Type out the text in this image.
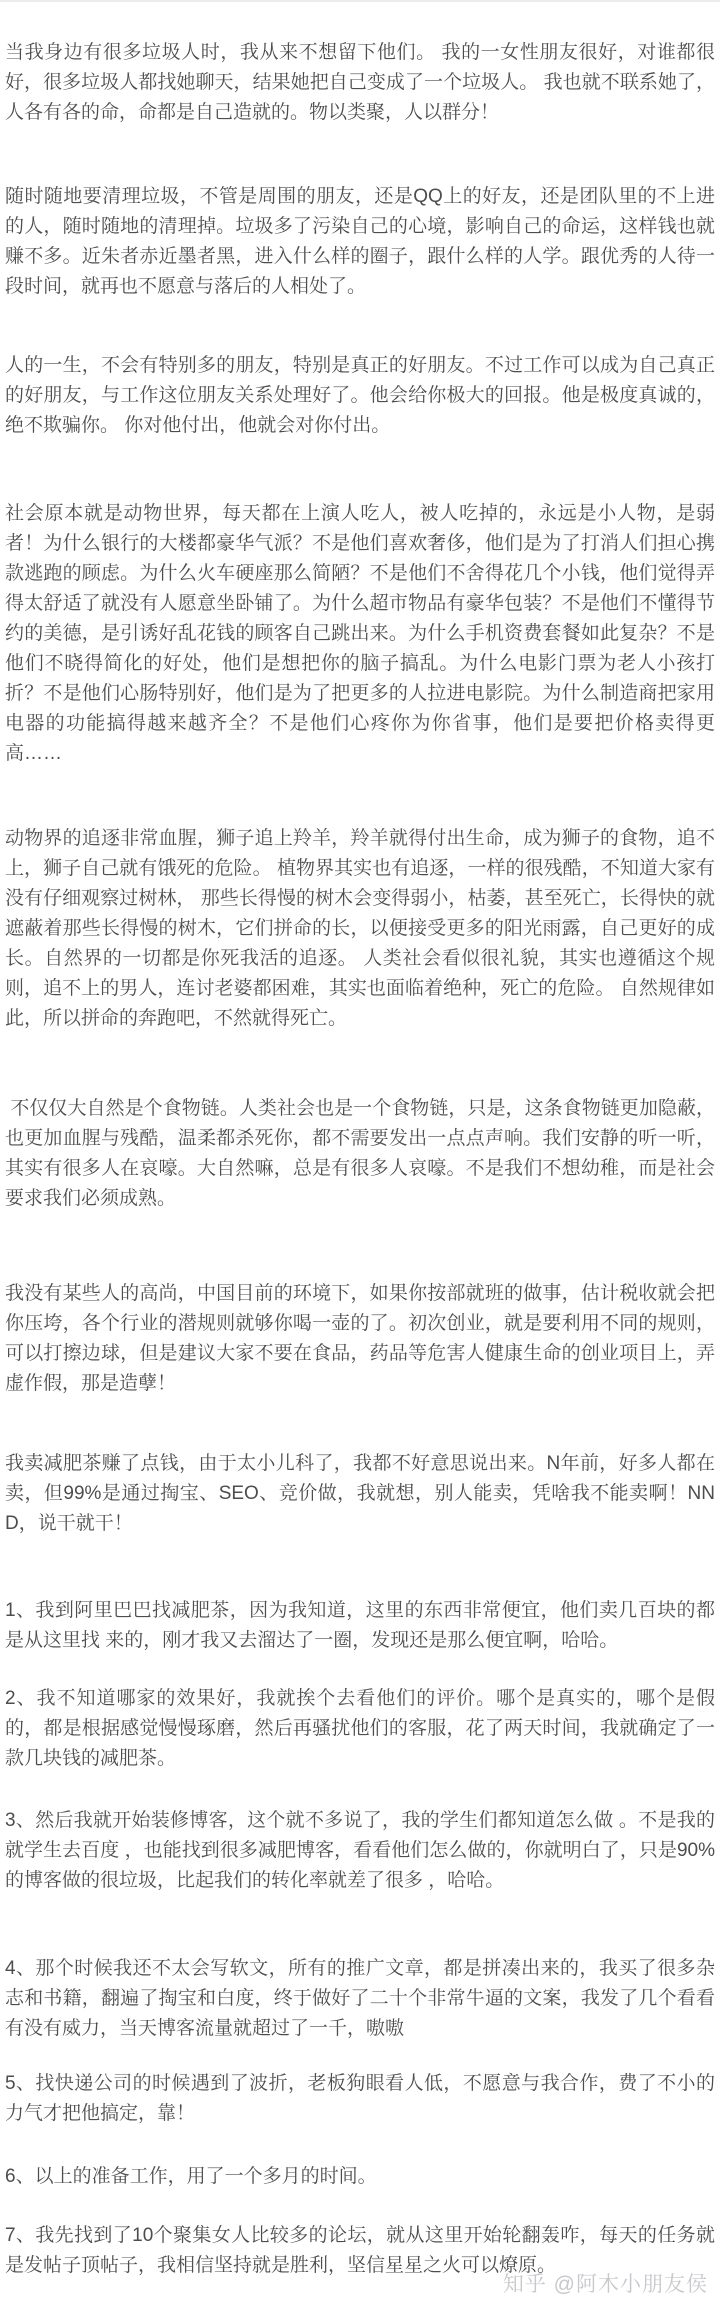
当我身边有很多垃圾人时，我从来不想留下他们。 我的一女性朋友很好，对谁都很好，很多垃圾人都找她聊天，结果她把自己变成了一个垃圾人。 我也就不联系她了，人各有各的命，命都是自己造就的。物以类聚，人以群分！

随时随地要清理垃圾，不管是周围的朋友，还是QQ上的好友，还是团队里的不上进的人，随时随地的清理掉。垃圾多了污染自己的心境，影响自己的命运，这样钱也就赚不多。近朱者赤近墨者黑，进入什么样的圈子，跟什么样的人学。跟优秀的人待一段时间，就再也不愿意与落后的人相处了。

人的一生，不会有特别多的朋友，特别是真正的好朋友。不过工作可以成为自己真正的好朋友，与工作这位朋友关系处理好了。他会给你极大的回报。他是极度真诚的，绝不欺骗你。 你对他付出，他就会对你付出。

社会原本就是动物世界，每天都在上演人吃人，被人吃掉的，永远是小人物，是弱者！为什么银行的大楼都豪华气派？不是他们喜欢奢侈，他们是为了打消人们担心携款逃跑的顾虑。为什么火车硬座那么简陋？不是他们不舍得花几个小钱，他们觉得弄得太舒适了就没有人愿意坐卧铺了。为什么超市物品有豪华包装？不是他们不懂得节约的美德，是引诱好乱花钱的顾客自己跳出来。为什么手机资费套餐如此复杂？不是他们不晓得简化的好处，他们是想把你的脑子搞乱。为什么电影门票为老人小孩打折？不是他们心肠特别好，他们是为了把更多的人拉进电影院。为什么制造商把家用电器的功能搞得越来越齐全？不是他们心疼你为你省事，他们是要把价格卖得更高……

动物界的追逐非常血腥，狮子追上羚羊，羚羊就得付出生命，成为狮子的食物，追不上，狮子自己就有饿死的危险。 植物界其实也有追逐，一样的很残酷，不知道大家有没有仔细观察过树林， 那些长得慢的树木会变得弱小，枯萎，甚至死亡，长得快的就遮蔽着那些长得慢的树木，它们拼命的长，以便接受更多的阳光雨露，自己更好的成长。自然界的一切都是你死我活的追逐。 人类社会看似很礼貌，其实也遵循这个规则，追不上的男人，连讨老婆都困难，其实也面临着绝种，死亡的危险。 自然规律如此，所以拼命的奔跑吧，不然就得死亡。

不仅仅大自然是个食物链。人类社会也是一个食物链，只是，这条食物链更加隐蔽，也更加血腥与残酷，温柔都杀死你，都不需要发出一点点声响。我们安静的听一听，其实有很多人在哀嚎。大自然嘛，总是有很多人哀嚎。不是我们不想幼稚，而是社会要求我们必须成熟。

我没有某些人的高尚，中国目前的环境下，如果你按部就班的做事，估计税收就会把你压垮，各个行业的潜规则就够你喝一壶的了。初次创业，就是要利用不同的规则，可以打擦边球，但是建议大家不要在食品，药品等危害人健康生命的创业项目上，弄虚作假，那是造孽！

我卖减肥茶赚了点钱，由于太小儿科了，我都不好意思说出来。N年前，好多人都在卖，但99%是通过掏宝、SEO、竞价做，我就想，别人能卖，凭啥我不能卖啊！NND，说干就干！

1、我到阿里巴巴找减肥茶，因为我知道，这里的东西非常便宜，他们卖几百块的都是从这里找 来的，刚才我又去溜达了一圈，发现还是那么便宜啊，哈哈。

2、我不知道哪家的效果好，我就挨个去看他们的评价。哪个是真实的，哪个是假的，都是根据感觉慢慢琢磨，然后再骚扰他们的客服，花了两天时间，我就确定了一款几块钱的减肥茶。

3、然后我就开始装修博客，这个就不多说了，我的学生们都知道怎么做 。不是我的就学生去百度 ，也能找到很多减肥博客，看看他们怎么做的，你就明白了，只是90%的博客做的很垃圾，比起我们的转化率就差了很多 ，哈哈。

4、那个时候我还不太会写软文，所有的推广文章，都是拼凑出来的，我买了很多杂志和书籍，翻遍了掏宝和白度，终于做好了二十个非常牛逼的文案，我发了几个看看有没有威力，当天博客流量就超过了一千，嗷嗷

5、找快递公司的时候遇到了波折，老板狗眼看人低，不愿意与我合作，费了不小的力气才把他搞定，靠！

6、以上的准备工作，用了一个多月的时间。

7、我先找到了10个聚集女人比较多的论坛，就从这里开始轮翻轰咋，每天的任务就是发帖子顶帖子，我相信坚持就是胜利，坚信星星之火可以燎原。

知乎 @阿木小朋友侯
